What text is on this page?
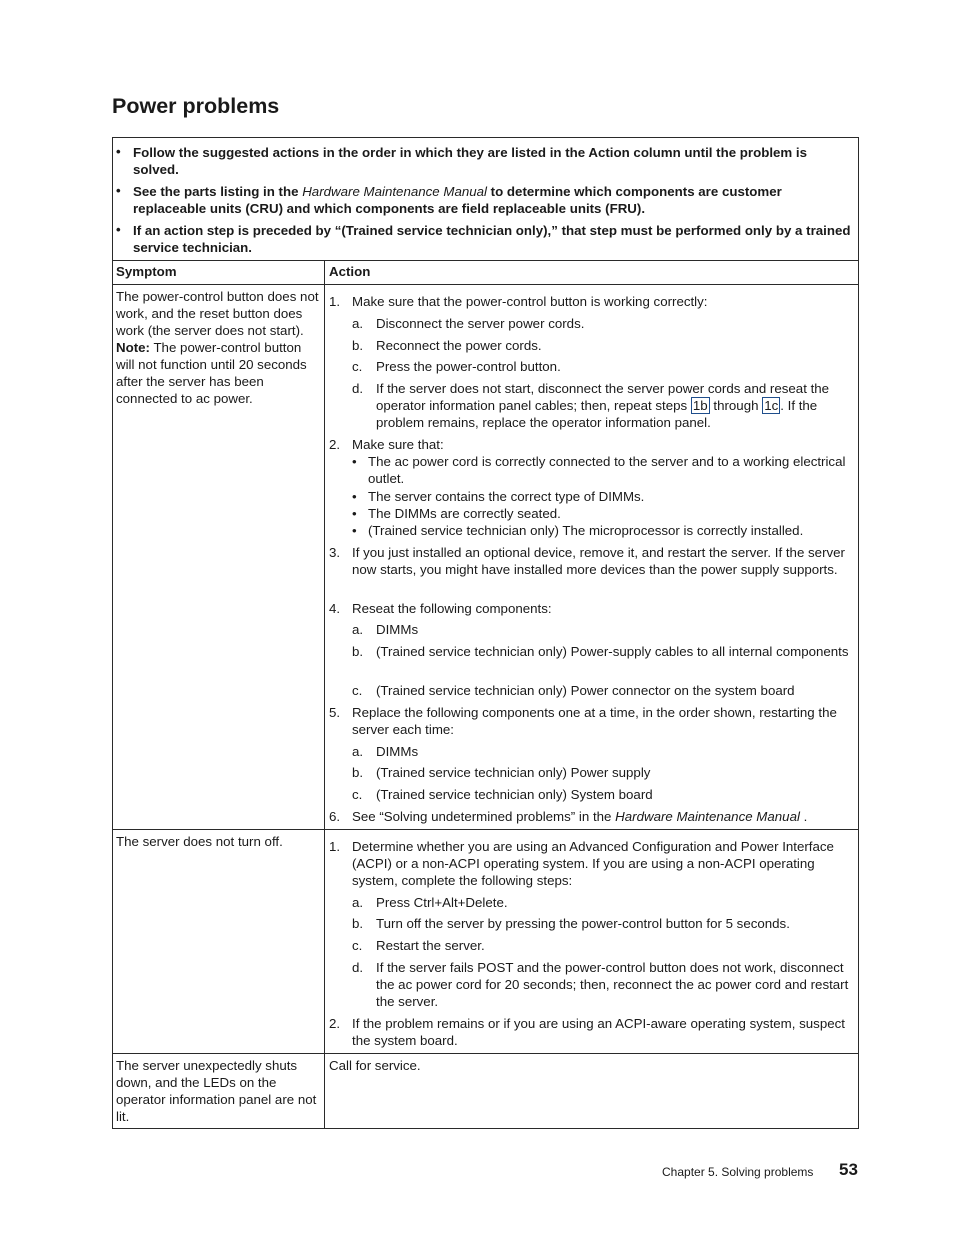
Power problems
• Follow the suggested actions in the order in which they are listed in the Action column until the problem is solved.
• See the parts listing in the Hardware Maintenance Manual to determine which components are customer replaceable units (CRU) and which components are field replaceable units (FRU).
• If an action step is preceded by “(Trained service technician only),” that step must be performed only by a trained service technician.
Symptom	Action
The power-control button does not work, and the reset button does work (the server does not start).
Note: The power-control button will not function until 20 seconds after the server has been connected to ac power.
1. Make sure that the power-control button is working correctly:
a. Disconnect the server power cords.
b. Reconnect the power cords.
c. Press the power-control button.
d. If the server does not start, disconnect the server power cords and reseat the operator information panel cables; then, repeat steps 1b through 1c . If the problem remains, replace the operator information panel.
2. Make sure that:
• The ac power cord is correctly connected to the server and to a working electrical outlet.
• The server contains the correct type of DIMMs.
• The DIMMs are correctly seated.
• (Trained service technician only) The microprocessor is correctly installed.
3. If you just installed an optional device, remove it, and restart the server. If the server now starts, you might have installed more devices than the power supply supports.
4. Reseat the following components:
a. DIMMs
b. (Trained service technician only) Power-supply cables to all internal components
c. (Trained service technician only) Power connector on the system board
5. Replace the following components one at a time, in the order shown, restarting the server each time:
a. DIMMs
b. (Trained service technician only) Power supply
c. (Trained service technician only) System board
6. See “Solving undetermined problems” in the Hardware Maintenance Manual .
The server does not turn off.	1. Determine whether you are using an Advanced Configuration and Power Interface (ACPI) or a non-ACPI operating system. If you are using a non-ACPI operating system, complete the following steps:
a. Press Ctrl+Alt+Delete.
b. Turn off the server by pressing the power-control button for 5 seconds.
c. Restart the server.
d. If the server fails POST and the power-control button does not work, disconnect the ac power cord for 20 seconds; then, reconnect the ac power cord and restart the server.
2. If the problem remains or if you are using an ACPI-aware operating system, suspect the system board.
The server unexpectedly shuts down, and the LEDs on the operator information panel are not lit.
Call for service.
Chapter 5. Solving problems 53
